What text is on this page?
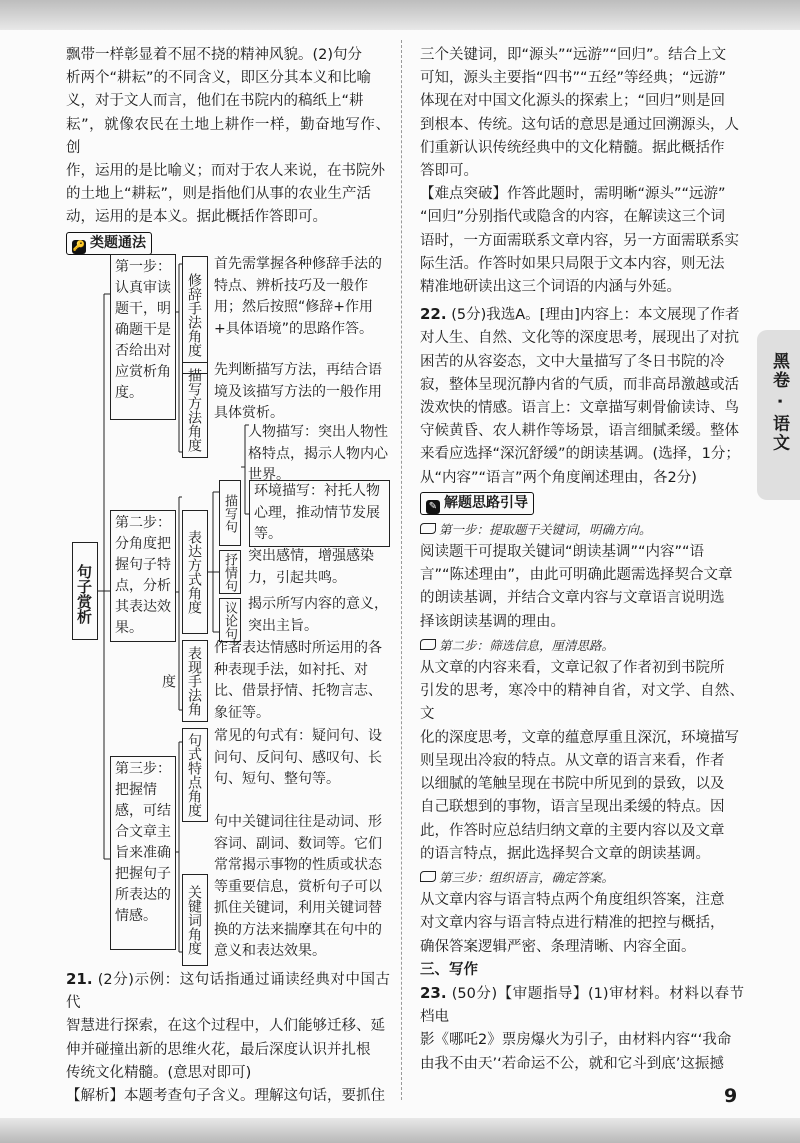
飘带一样彰显着不屈不挠的精神风貌。(2)句分

析两个“耕耘”的不同含义，即区分其本义和比喻

义，对于文人而言，他们在书院内的稿纸上“耕

耘”，就像农民在土地上耕作一样，勤奋地写作、创

作，运用的是比喻义；而对于农人来说，在书院外

的土地上“耕耘”，则是指他们从事的农业生产活

动，运用的是本义。据此概括作答即可。

🔑 类题通法
句子赏析
第一步：认真审读题干，明确题干是否给出对应赏析角度。
第二步：分角度把握句子特点，分析其表达效果。
第三步：把握情感，可结合文章主旨来准确把握句子所表达的情感。
修辞手法角度
描写方法角度
表达方式角度
表现手法角度
句式特点角度
关键词角度
描写句
抒情句
议论句
首先需掌握各种修辞手法的特点、辨析技巧及一般作用；然后按照“修辞+作用+具体语境”的思路作答。
先判断描写方法，再结合语境及该描写方法的一般作用具体赏析。
人物描写：突出人物性格特点，揭示人物内心世界。
环境描写：衬托人物心理，推动情节发展等。
突出感情，增强感染力，引起共鸣。
揭示所写内容的意义，突出主旨。
作者表达情感时所运用的各种表现手法，如衬托、对比、借景抒情、托物言志、象征等。
常见的句式有：疑问句、设问句、反问句、感叹句、长句、短句、整句等。
句中关键词往往是动词、形容词、副词、数词等。它们常常揭示事物的性质或状态等重要信息，赏析句子可以抓住关键词，利用关键词替换的方法来揣摩其在句中的意义和表达效果。

21. (2分)示例：这句话指通过诵读经典对中国古代

智慧进行探索，在这个过程中，人们能够迁移、延

伸并碰撞出新的思维火花，最后深度认识并扎根

传统文化精髓。(意思对即可)

【解析】本题考查句子含义。理解这句话，要抓住

三个关键词，即“源头”“远游”“回归”。结合上文

可知，源头主要指“四书”“五经”等经典；“远游”

体现在对中国文化源头的探索上；“回归”则是回

到根本、传统。这句话的意思是通过回溯源头，人

们重新认识传统经典中的文化精髓。据此概括作

答即可。

【难点突破】作答此题时，需明晰“源头”“远游”

“回归”分别指代或隐含的内容，在解读这三个词

语时，一方面需联系文章内容，另一方面需联系实

际生活。作答时如果只局限于文本内容，则无法

精准地研读出这三个词语的内涵与外延。

22. (5分)我选A。[理由]内容上：本文展现了作者

对人生、自然、文化等的深度思考，展现出了对抗

困苦的从容姿态，文中大量描写了冬日书院的冷

寂，整体呈现沉静内省的气质，而非高昂激越或活

泼欢快的情感。语言上：文章描写刺骨偷读诗、鸟

守候黄昏、农人耕作等场景，语言细腻柔缓。整体

来看应选择“深沉舒缓”的朗读基调。(选择，1分；

从“内容”“语言”两个角度阐述理由，各2分)

✎ 解题思路引导

第一步：提取题干关键词，明确方向。

阅读题干可提取关键词“朗读基调”“内容”“语

言”“陈述理由”，由此可明确此题需选择契合文章

的朗读基调，并结合文章内容与文章语言说明选

择该朗读基调的理由。

第二步：筛选信息，厘清思路。

从文章的内容来看，文章记叙了作者初到书院所

引发的思考，寒冷中的精神自省，对文学、自然、文

化的深度思考，文章的蕴意厚重且深沉，环境描写

则呈现出冷寂的特点。从文章的语言来看，作者

以细腻的笔触呈现在书院中所见到的景致，以及

自己联想到的事物，语言呈现出柔缓的特点。因

此，作答时应总结归纳文章的主要内容以及文章

的语言特点，据此选择契合文章的朗读基调。

第三步：组织语言，确定答案。

从文章内容与语言特点两个角度组织答案，注意

对文章内容与语言特点进行精准的把控与概括，

确保答案逻辑严密、条理清晰、内容全面。

三、写作

23. (50分)【审题指导】(1)审材料。材料以春节档电

影《哪吒2》票房爆火为引子，由材料内容“‘我命

由我不由天’‘若命运不公，就和它斗到底’这振撼

黑卷 · 语文
9
